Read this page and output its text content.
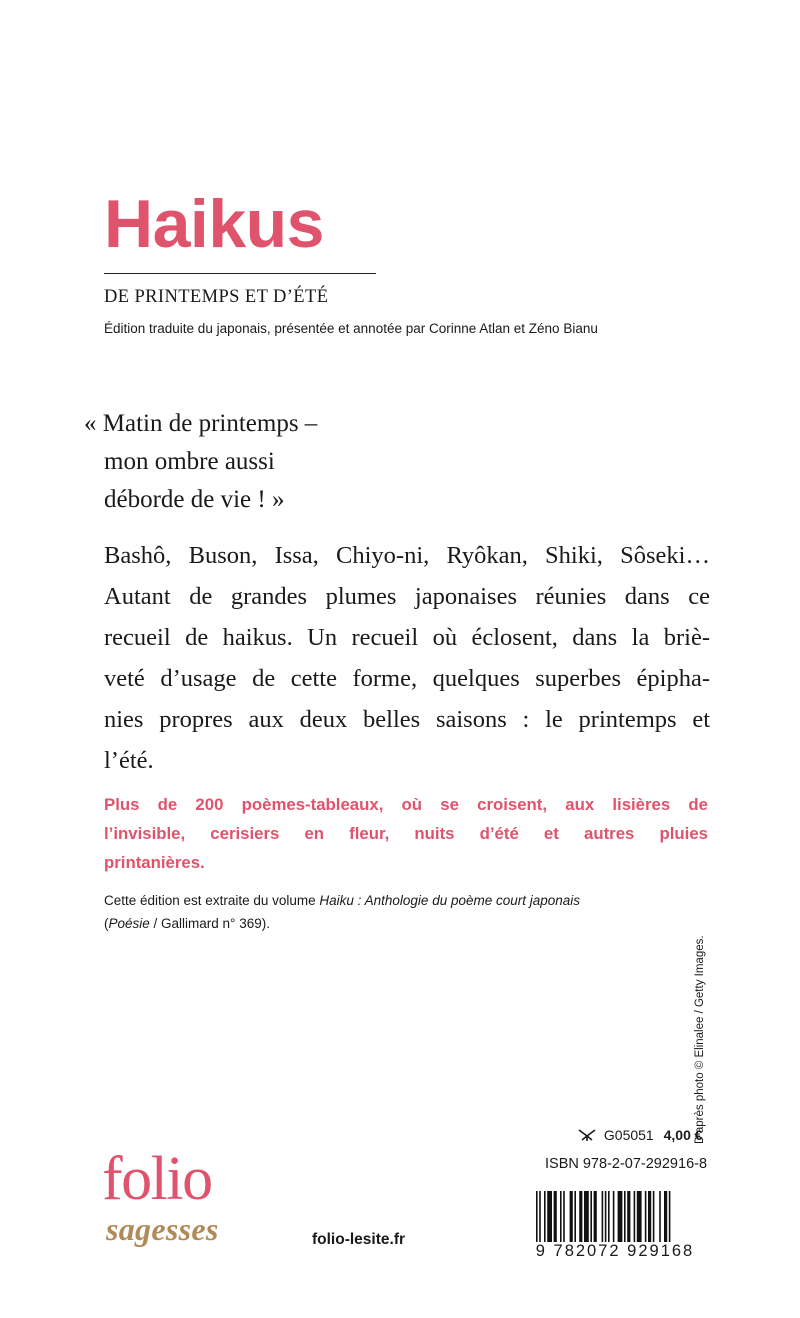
Haikus
DE PRINTEMPS ET D’ÉTÉ
Édition traduite du japonais, présentée et annotée par Corinne Atlan et Zéno Bianu
« Matin de printemps –
mon ombre aussi
déborde de vie ! »
Bashô, Buson, Issa, Chiyo-ni, Ryôkan, Shiki, Sôseki…
Autant de grandes plumes japonaises réunies dans ce
recueil de haikus. Un recueil où éclosent, dans la briè-
veté d’usage de cette forme, quelques superbes épipha-
nies propres aux deux belles saisons : le printemps et
l’été.
Plus de 200 poèmes-tableaux, où se croisent, aux lisières de
l’invisible, cerisiers en fleur, nuits d’été et autres pluies
printanières.
Cette édition est extraite du volume Haiku : Anthologie du poème court japonais
(Poésie / Gallimard n° 369).
folio
sagesses	folio-lesite.fr
G05051 4,00 €
ISBN 978-2-07-292916-8
9 782072 929168
D’après photo © Elinalee / Getty Images.
